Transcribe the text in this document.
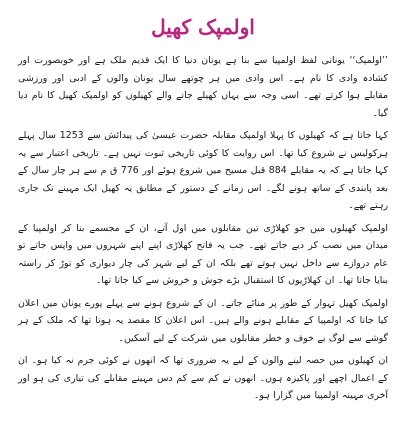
اولمپک کھیل

’’اولمپک‘‘ یونانی لفظ اولمپیا سے بنا ہے یونان دنیا کا ایک قدیم ملک ہے اور خوبصورت اور کشادہ وادی کا نام ہے۔ اس وادی میں ہر چوتھے سال یونان والوں کے ادبی اور ورزشی مقابلے ہوا کرتے تھے۔ اسی وجہ سے یہاں کھیلے جانے والے کھیلوں کو اولمپک کھیل کا نام دیا گیا۔

کہا جاتا ہے کہ کھیلوں کا پہلا اولمپک مقابلہ حضرت عیسیٰ کی پیدائش سے 1253 سال پہلے ہرکولیس نے شروع کیا تھا۔ اس روایت کا کوئی تاریخی ثبوت نہیں ہے۔ تاریخی اعتبار سے یہ کہا جاتا ہے کہ یہ مقابلے 884 قبل مسیح میں شروع ہوئے اور 776 ق م سے ہر چار سال کے بعد پابندی کے ساتھ ہونے لگے۔ اس زمانے کے دستور کے مطابق یہ کھیل ایک مہینے تک جاری رہتے تھے۔

اولمپک کھیلوں میں جو کھلاڑی تین مقابلوں میں اول آتے، ان کے مجسمے بنا کر اولمپیا کے میدان میں نصب کر دیے جاتے تھے۔ جب یہ فاتح کھلاڑی اپنے اپنے شہروں میں واپس جاتے تو عام دروازے سے داخل نہیں ہوتے تھے بلکہ ان کے لیے شہر کی چار دیواری کو توڑ کر راستہ بنایا جاتا تھا۔ ان کھلاڑیوں کا استقبال بڑے جوش و خروش سے کیا جاتا تھا۔

اولمپک کھیل تہوار کے طور پر منائے جاتے۔ ان کے شروع ہونے سے پہلے پورے یونان میں اعلان کیا جاتا کہ اولمپیا کے مقابلے ہونے والے ہیں۔ اس اعلان کا مقصد یہ ہوتا تھا کہ ملک کے ہر گوشے سے لوگ بے خوف و خطر مقابلوں میں شرکت کے لیے آسکیں۔

ان کھیلوں میں حصہ لینے والوں کے لیے یہ ضروری تھا کہ انھوں نے کوئی جرم نہ کیا ہو۔ ان کے اعمال اچھے اور پاکیزہ ہوں۔ انھوں نے کم سے کم دس مہینے مقابلے کی تیاری کی ہو اور آخری مہینہ اولمپیا میں گزارا ہو۔
